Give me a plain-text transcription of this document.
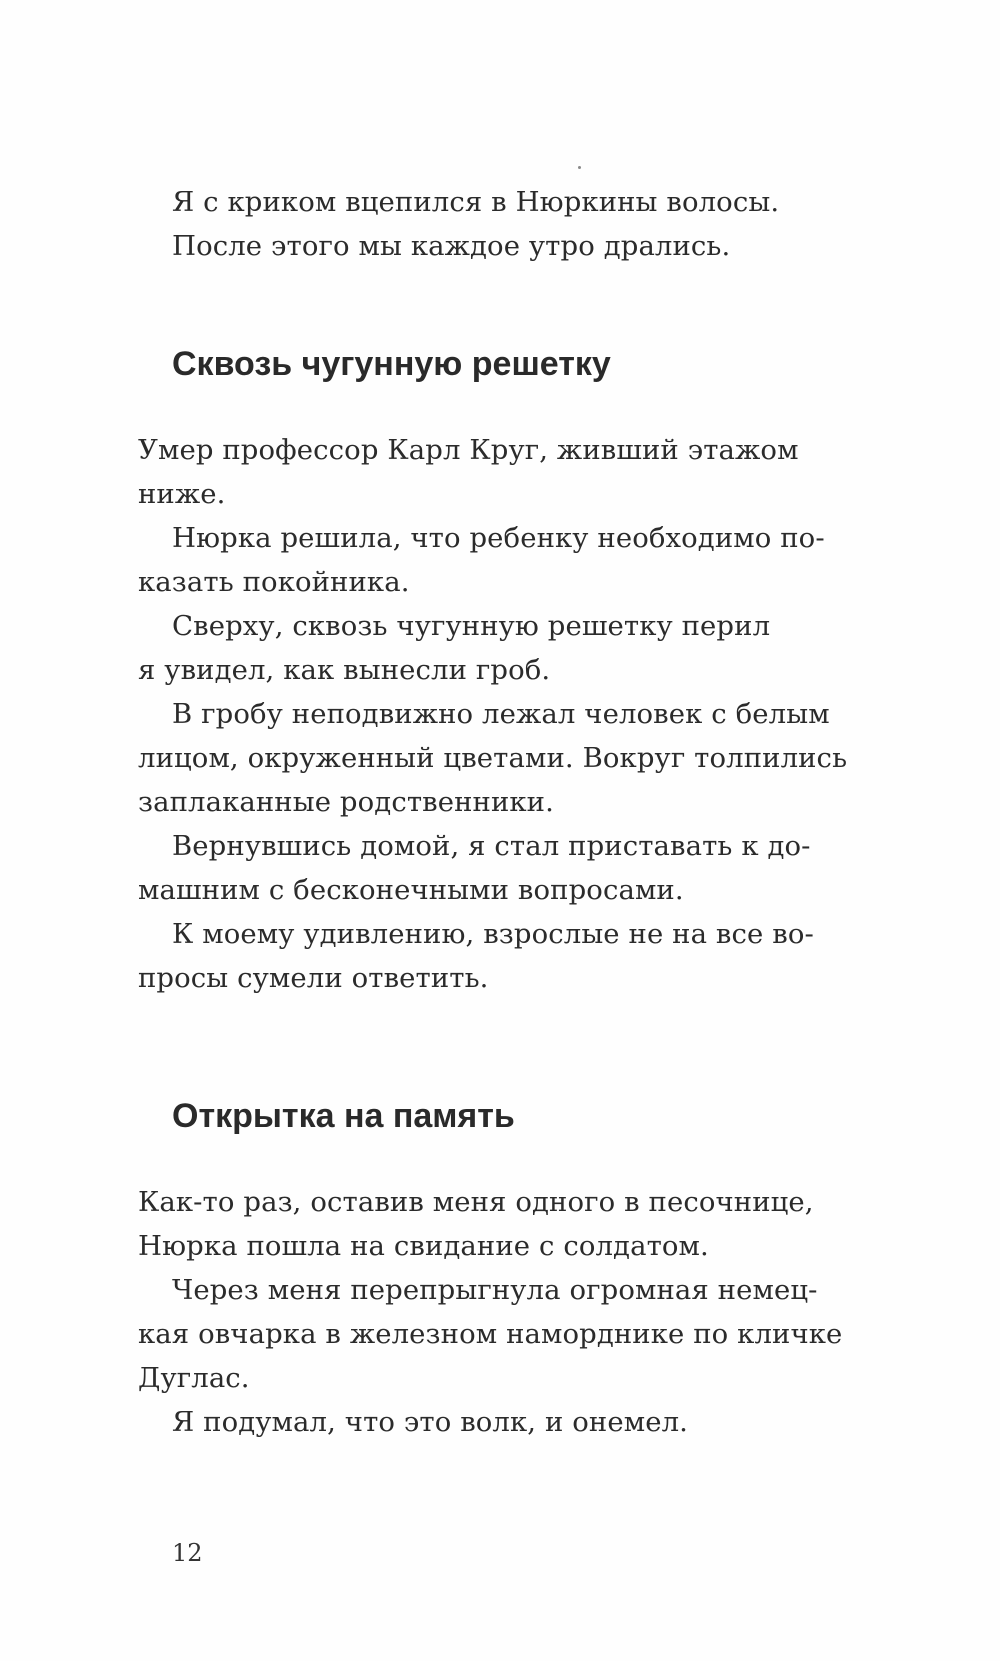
Я с криком вцепился в Нюркины волосы.
После этого мы каждое утро дрались.
Сквозь чугунную решетку
Умер профессор Карл Круг, живший этажом
ниже.
Нюрка решила, что ребенку необходимо по-
казать покойника.
Сверху, сквозь чугунную решетку перил
я увидел, как вынесли гроб.
В гробу неподвижно лежал человек с белым
лицом, окруженный цветами. Вокруг толпились
заплаканные родственники.
Вернувшись домой, я стал приставать к до-
машним с бесконечными вопросами.
К моему удивлению, взрослые не на все во-
просы сумели ответить.
Открытка на память
Как-то раз, оставив меня одного в песочнице,
Нюрка пошла на свидание с солдатом.
Через меня перепрыгнула огромная немец-
кая овчарка в железном наморднике по кличке
Дуглас.
Я подумал, что это волк, и онемел.
12
